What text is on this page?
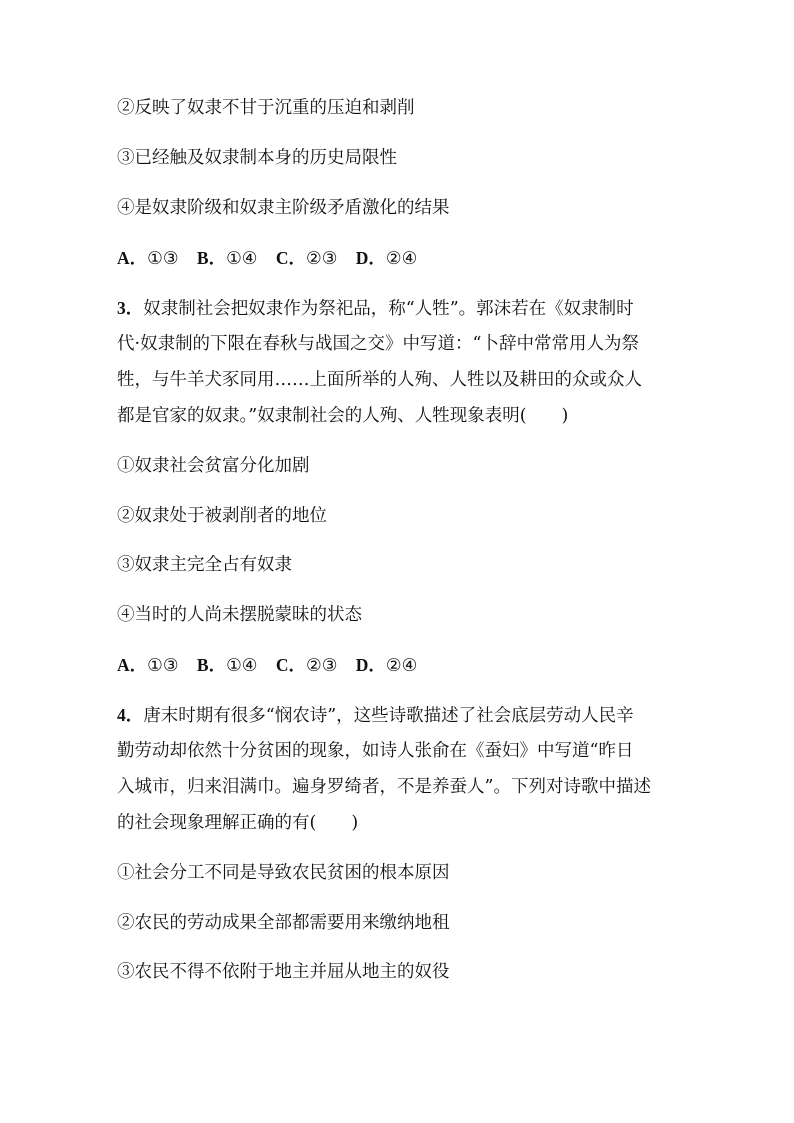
②反映了奴隶不甘于沉重的压迫和剥削
③已经触及奴隶制本身的历史局限性
④是奴隶阶级和奴隶主阶级矛盾激化的结果
A．①③ B．①④ C．②③ D．②④
3．奴隶制社会把奴隶作为祭祀品，称“人牲”。郭沫若在《奴隶制时
代·奴隶制的下限在春秋与战国之交》中写道：“卜辞中常常用人为祭
牲，与牛羊犬豕同用……上面所举的人殉、人牲以及耕田的众或众人
都是官家的奴隶。”奴隶制社会的人殉、人牲现象表明(　　)
①奴隶社会贫富分化加剧
②奴隶处于被剥削者的地位
③奴隶主完全占有奴隶
④当时的人尚未摆脱蒙昧的状态
A．①③ B．①④ C．②③ D．②④
4．唐末时期有很多“悯农诗”，这些诗歌描述了社会底层劳动人民辛
勤劳动却依然十分贫困的现象，如诗人张俞在《蚕妇》中写道“昨日
入城市，归来泪满巾。遍身罗绮者，不是养蚕人”。下列对诗歌中描述
的社会现象理解正确的有(　　)
①社会分工不同是导致农民贫困的根本原因
②农民的劳动成果全部都需要用来缴纳地租
③农民不得不依附于地主并屈从地主的奴役
